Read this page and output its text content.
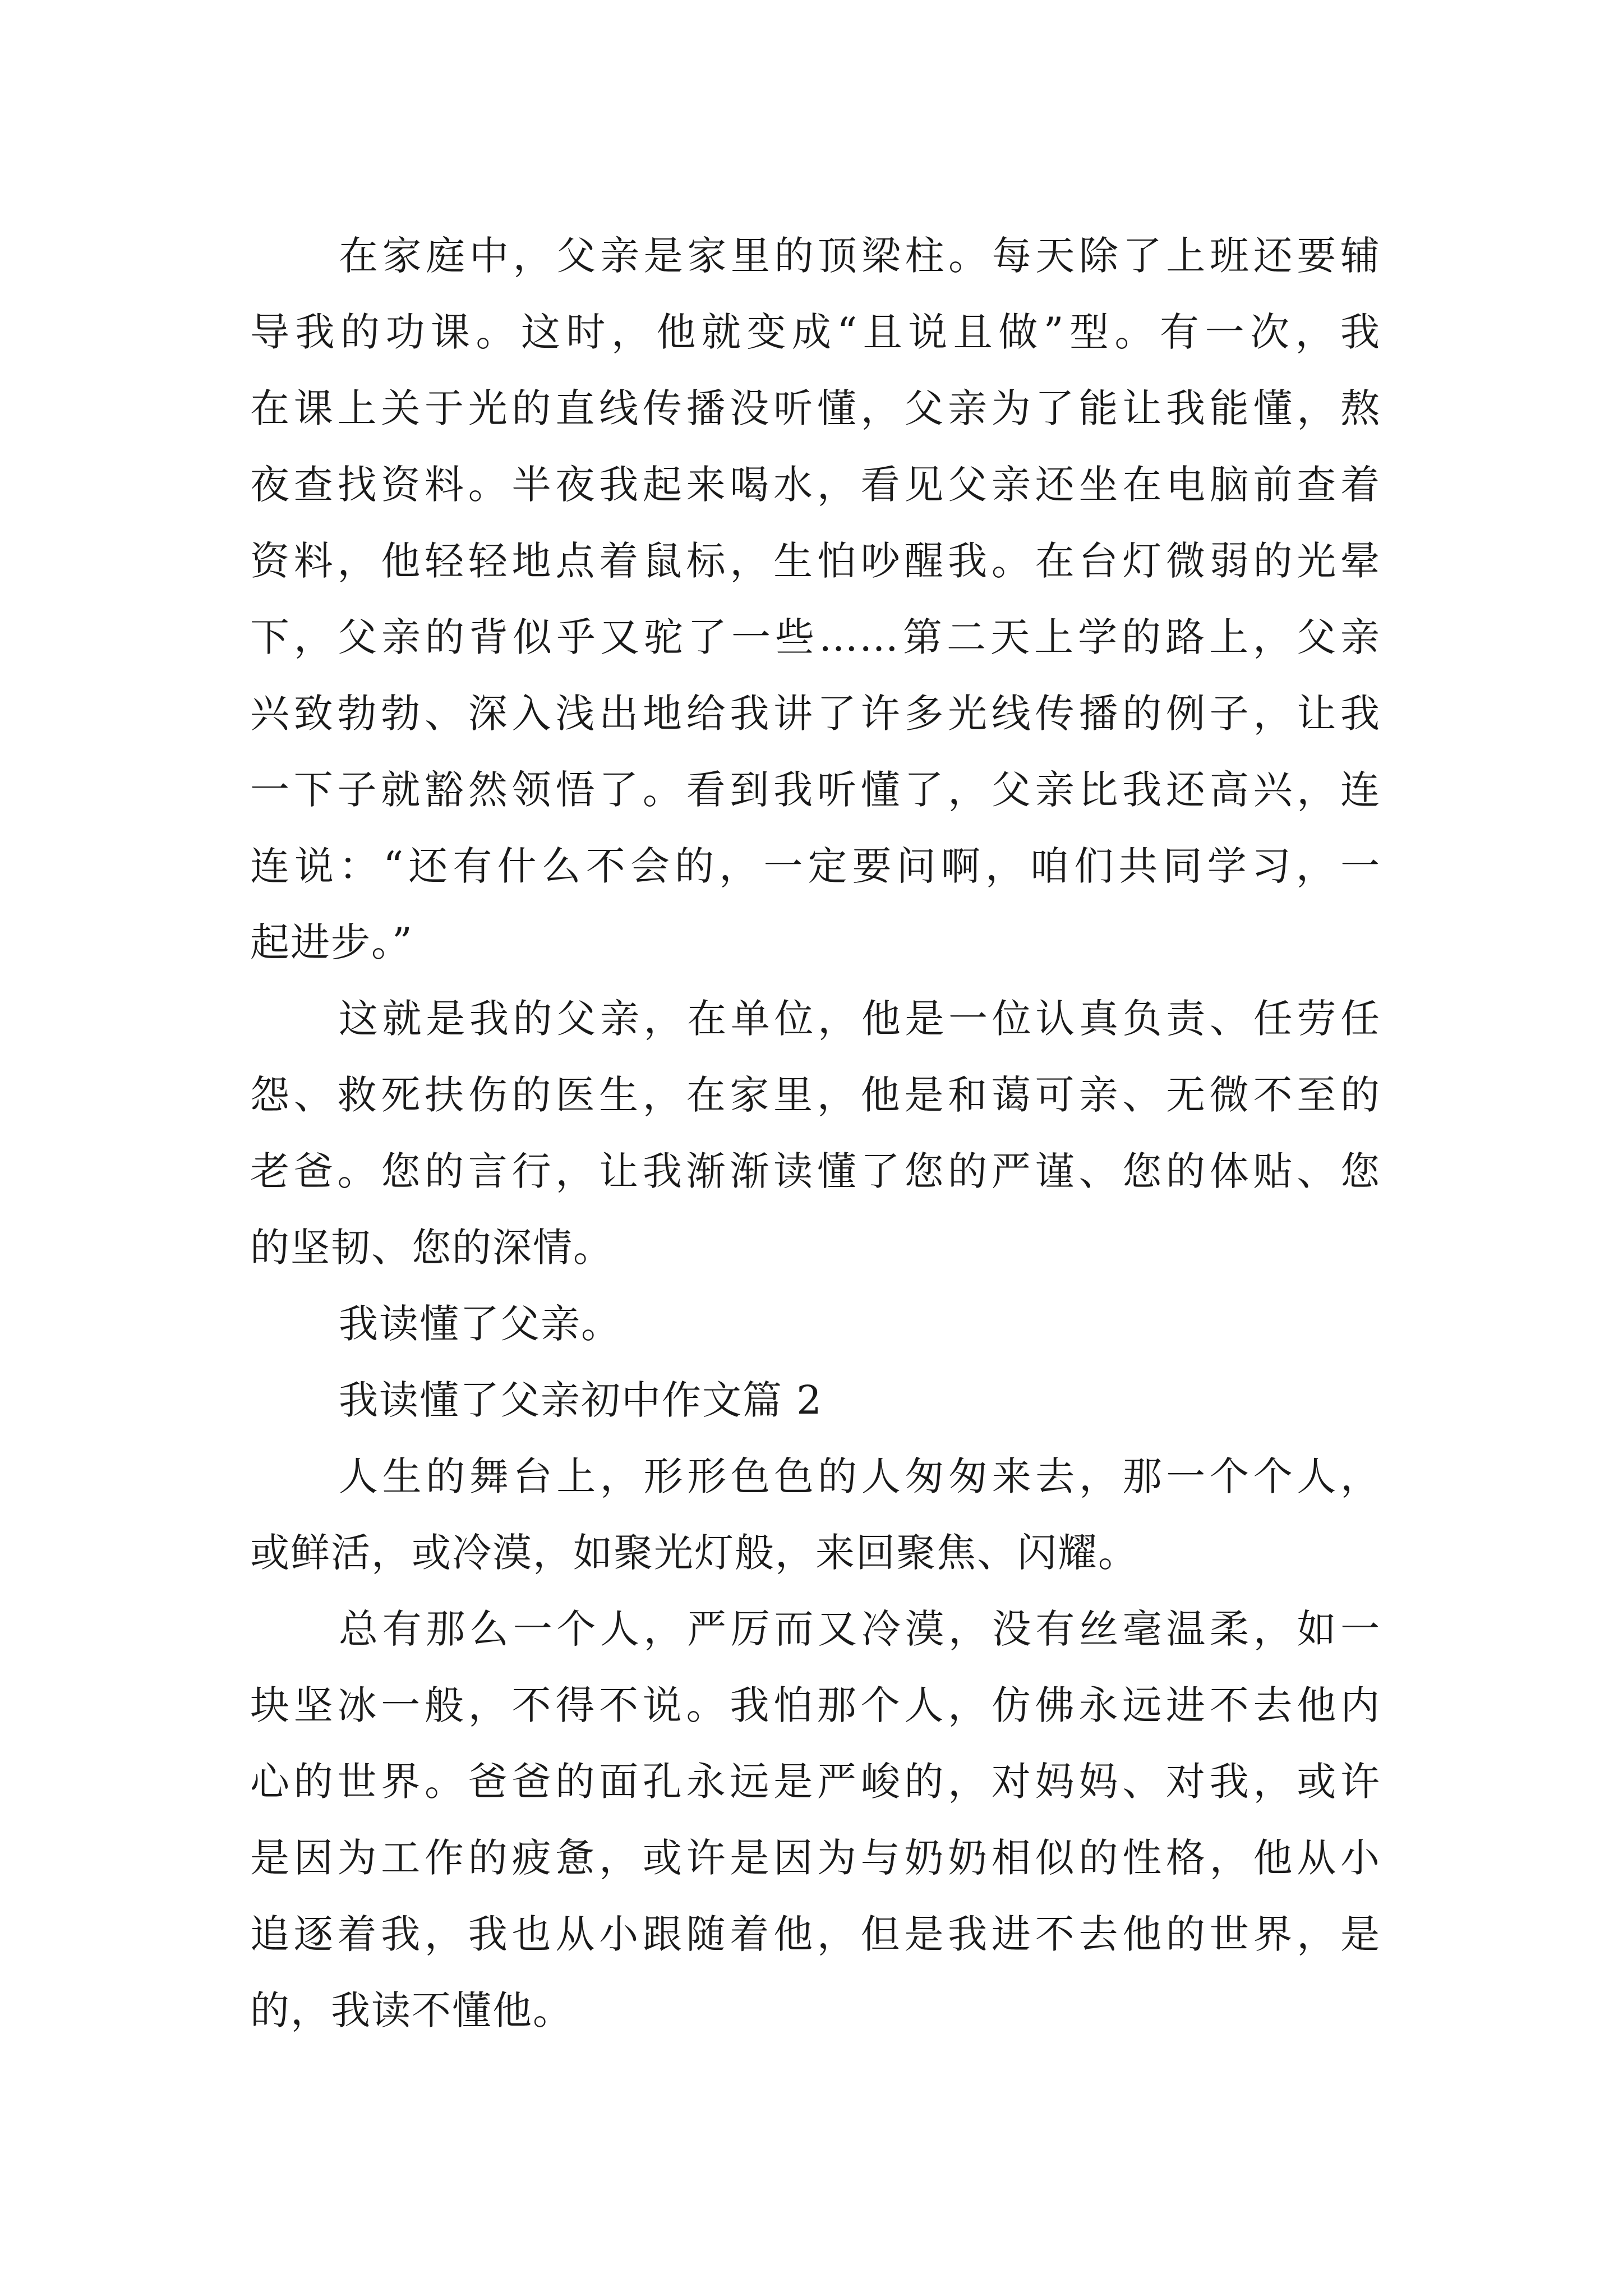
在家庭中，父亲是家里的顶梁柱。每天除了上班还要辅
导我的功课。这时，他就变成“且说且做”型。有一次，我
在课上关于光的直线传播没听懂，父亲为了能让我能懂，熬
夜查找资料。半夜我起来喝水，看见父亲还坐在电脑前查着
资料，他轻轻地点着鼠标，生怕吵醒我。在台灯微弱的光晕
下，父亲的背似乎又驼了一些……第二天上学的路上，父亲
兴致勃勃、深入浅出地给我讲了许多光线传播的例子，让我
一下子就豁然领悟了。看到我听懂了，父亲比我还高兴，连
连说：“还有什么不会的，一定要问啊，咱们共同学习，一
起进步。”
这就是我的父亲，在单位，他是一位认真负责、任劳任
怨、救死扶伤的医生，在家里，他是和蔼可亲、无微不至的
老爸。您的言行，让我渐渐读懂了您的严谨、您的体贴、您
的坚韧、您的深情。
我读懂了父亲。
我读懂了父亲初中作文篇 2
人生的舞台上，形形色色的人匆匆来去，那一个个人，
或鲜活，或冷漠，如聚光灯般，来回聚焦、闪耀。
总有那么一个人，严厉而又冷漠，没有丝毫温柔，如一
块坚冰一般，不得不说。我怕那个人，仿佛永远进不去他内
心的世界。爸爸的面孔永远是严峻的，对妈妈、对我，或许
是因为工作的疲惫，或许是因为与奶奶相似的性格，他从小
追逐着我，我也从小跟随着他，但是我进不去他的世界，是
的，我读不懂他。
